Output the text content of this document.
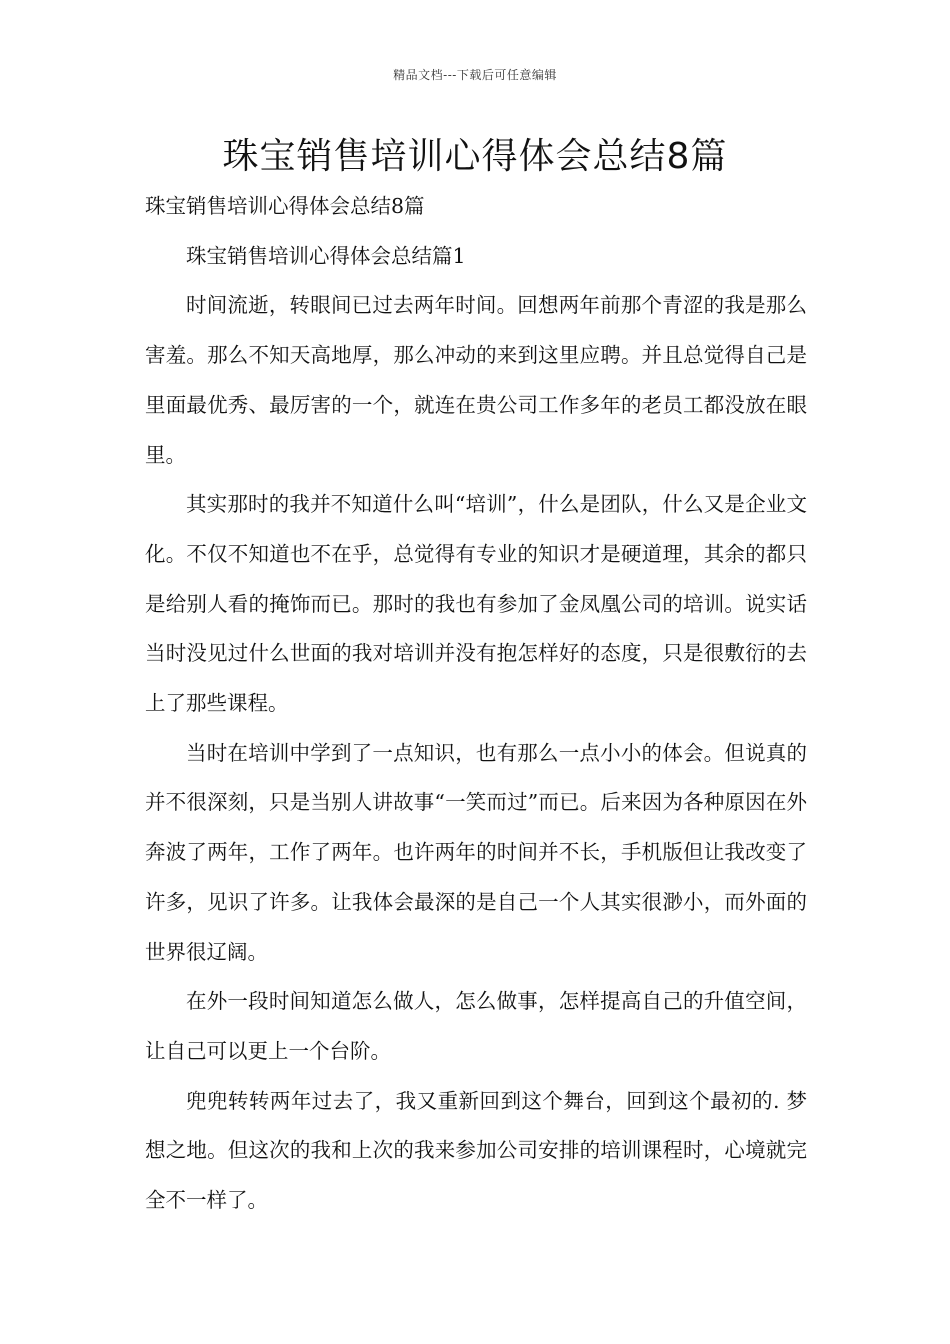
精品文档---下载后可任意编辑
珠宝销售培训心得体会总结8篇

珠宝销售培训心得体会总结8篇

珠宝销售培训心得体会总结篇1

时间流逝，转眼间已过去两年时间。回想两年前那个青涩的我是那么害羞。那么不知天高地厚，那么冲动的来到这里应聘。并且总觉得自己是里面最优秀、最厉害的一个，就连在贵公司工作多年的老员工都没放在眼里。

其实那时的我并不知道什么叫“培训”，什么是团队，什么又是企业文化。不仅不知道也不在乎，总觉得有专业的知识才是硬道理，其余的都只是给别人看的掩饰而已。那时的我也有参加了金凤凰公司的培训。说实话当时没见过什么世面的我对培训并没有抱怎样好的态度，只是很敷衍的去上了那些课程。

当时在培训中学到了一点知识，也有那么一点小小的体会。但说真的并不很深刻，只是当别人讲故事“一笑而过”而已。后来因为各种原因在外奔波了两年，工作了两年。也许两年的时间并不长，手机版但让我改变了许多，见识了许多。让我体会最深的是自己一个人其实很渺小，而外面的世界很辽阔。

在外一段时间知道怎么做人，怎么做事，怎样提高自己的升值空间，让自己可以更上一个台阶。

兜兜转转两年过去了，我又重新回到这个舞台，回到这个最初的. 梦想之地。但这次的我和上次的我来参加公司安排的培训课程时，心境就完全不一样了。
